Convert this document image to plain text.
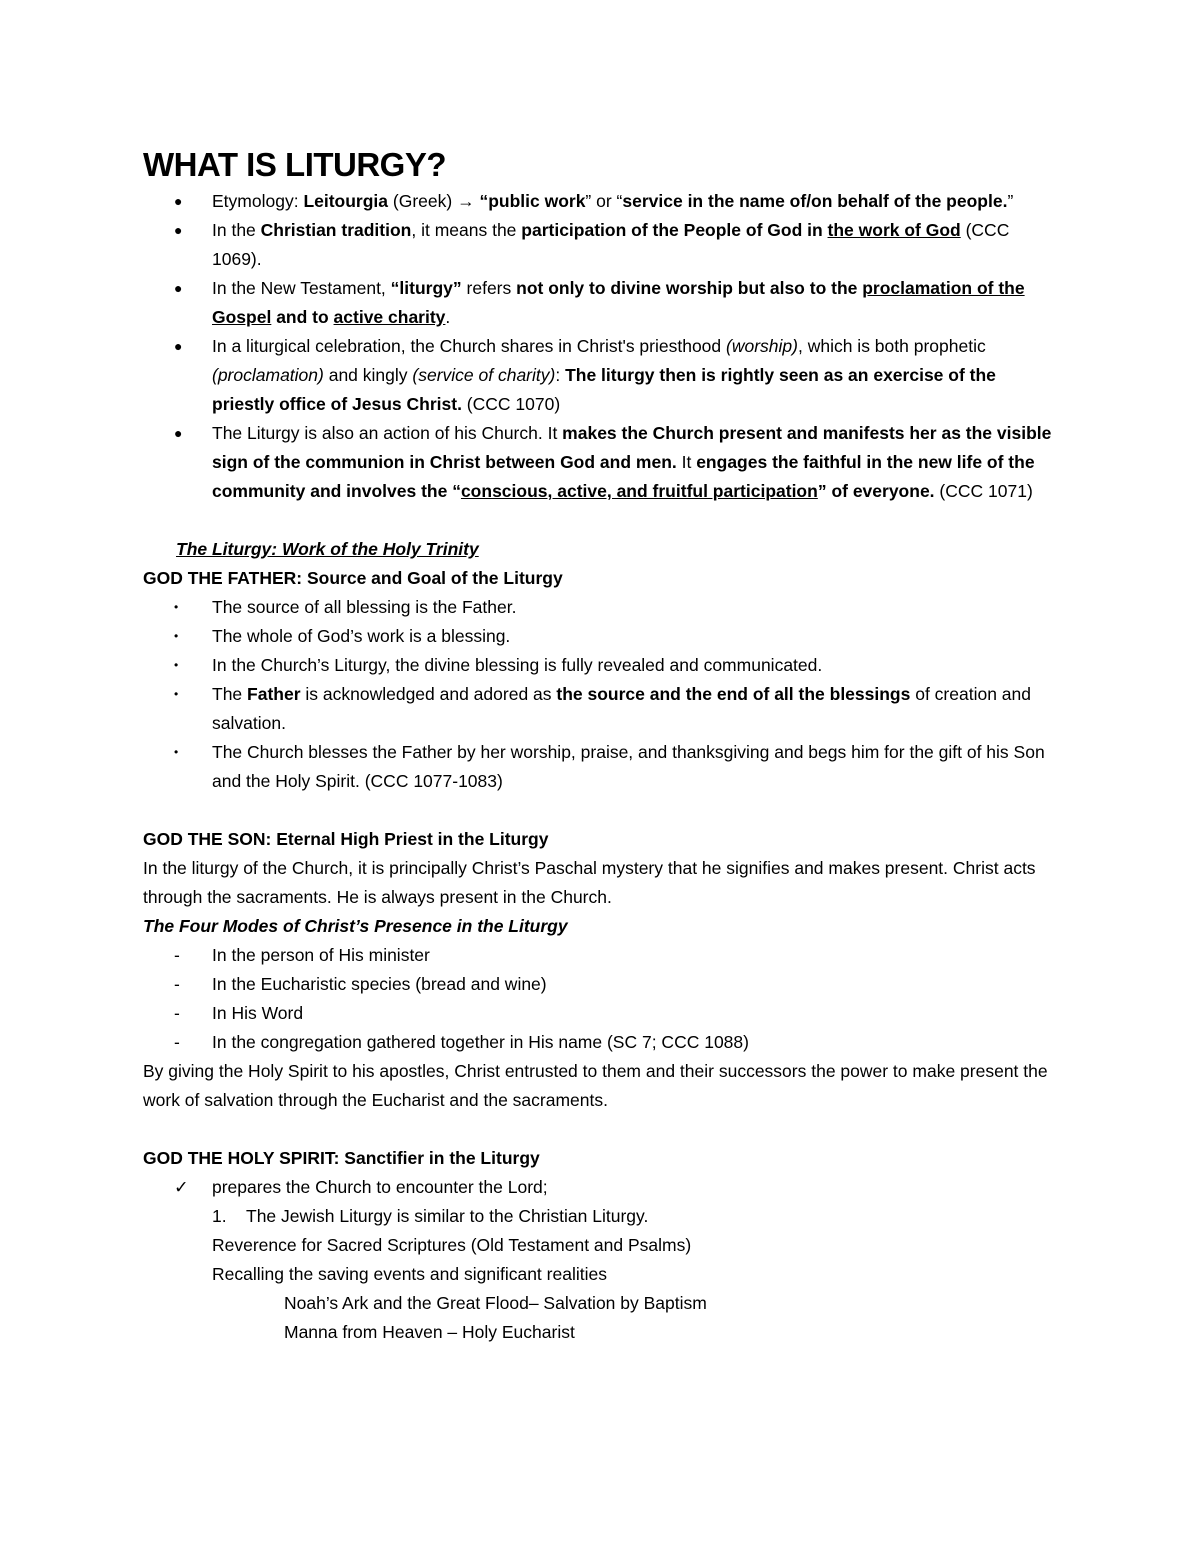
WHAT IS LITURGY?
●	Etymology: Leitourgia (Greek) → “public work” or “service in the name of/on behalf of the people.”
●	In the Christian tradition, it means the participation of the People of God in the work of God (CCC 1069).
●	In the New Testament, “liturgy” refers not only to divine worship but also to the proclamation of the Gospel and to active charity.
●	In a liturgical celebration, the Church shares in Christ's priesthood (worship), which is both prophetic (proclamation) and kingly (service of charity): The liturgy then is rightly seen as an exercise of the priestly office of Jesus Christ. (CCC 1070)
●	The Liturgy is also an action of his Church. It makes the Church present and manifests her as the visible sign of the communion in Christ between God and men. It engages the faithful in the new life of the community and involves the “conscious, active, and fruitful participation” of everyone. (CCC 1071)
The Liturgy: Work of the Holy Trinity
GOD THE FATHER: Source and Goal of the Liturgy
•	The source of all blessing is the Father.
•	The whole of God’s work is a blessing.
•	In the Church’s Liturgy, the divine blessing is fully revealed and communicated.
•	The Father is acknowledged and adored as the source and the end of all the blessings of creation and salvation.
•	The Church blesses the Father by her worship, praise, and thanksgiving and begs him for the gift of his Son and the Holy Spirit. (CCC 1077-1083)
GOD THE SON: Eternal High Priest in the Liturgy
In the liturgy of the Church, it is principally Christ’s Paschal mystery that he signifies and makes present. Christ acts through the sacraments. He is always present in the Church.
The Four Modes of Christ’s Presence in the Liturgy
-	In the person of His minister
-	In the Eucharistic species (bread and wine)
-	In His Word
-	In the congregation gathered together in His name (SC 7; CCC 1088)
By giving the Holy Spirit to his apostles, Christ entrusted to them and their successors the power to make present the work of salvation through the Eucharist and the sacraments.
GOD THE HOLY SPIRIT: Sanctifier in the Liturgy
✓	prepares the Church to encounter the Lord;
1. The Jewish Liturgy is similar to the Christian Liturgy.
Reverence for Sacred Scriptures (Old Testament and Psalms)
Recalling the saving events and significant realities
Noah’s Ark and the Great Flood– Salvation by Baptism
Manna from Heaven – Holy Eucharist
